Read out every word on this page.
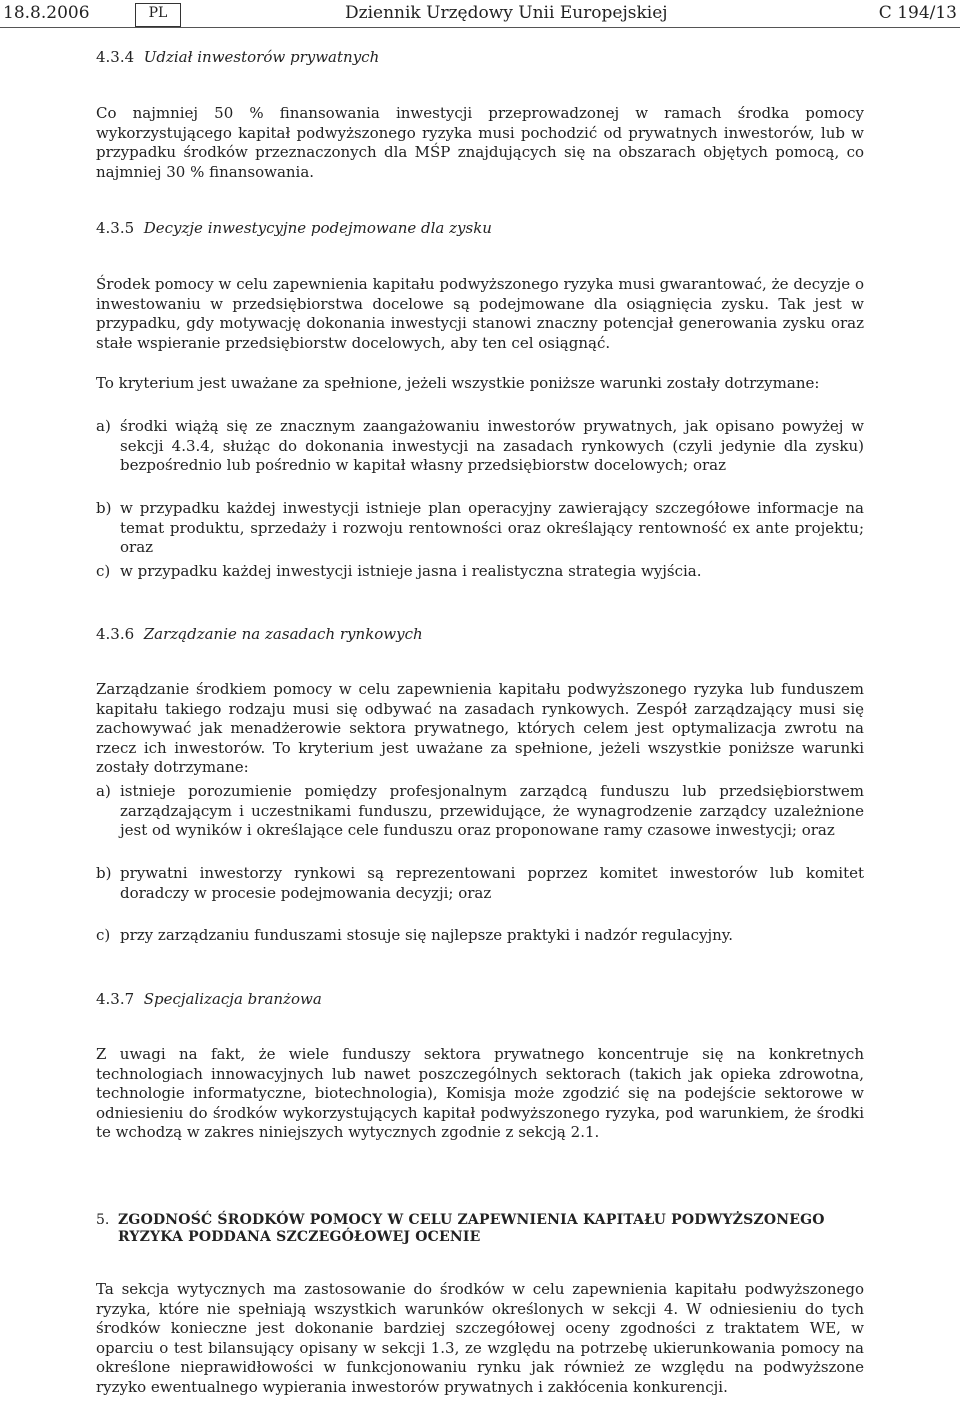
18.8.2006	PL	Dziennik Urzędowy Unii Europejskiej	C 194/13
4.3.4 Udział inwestorów prywatnych
Co najmniej 50 % finansowania inwestycji przeprowadzonej w ramach środka pomocy wykorzystującego kapitał podwyższonego ryzyka musi pochodzić od prywatnych inwestorów, lub w przypadku środków przeznaczonych dla MŚP znajdujących się na obszarach objętych pomocą, co najmniej 30 % finansowania.
4.3.5 Decyzje inwestycyjne podejmowane dla zysku
Środek pomocy w celu zapewnienia kapitału podwyższonego ryzyka musi gwarantować, że decyzje o inwestowaniu w przedsiębiorstwa docelowe są podejmowane dla osiągnięcia zysku. Tak jest w przypadku, gdy motywację dokonania inwestycji stanowi znaczny potencjał generowania zysku oraz stałe wspieranie przedsiębiorstw docelowych, aby ten cel osiągnąć.
To kryterium jest uważane za spełnione, jeżeli wszystkie poniższe warunki zostały dotrzymane:
a) środki wiążą się ze znacznym zaangażowaniu inwestorów prywatnych, jak opisano powyżej w sekcji 4.3.4, służąc do dokonania inwestycji na zasadach rynkowych (czyli jedynie dla zysku) bezpośrednio lub pośrednio w kapitał własny przedsiębiorstw docelowych; oraz
b) w przypadku każdej inwestycji istnieje plan operacyjny zawierający szczegółowe informacje na temat produktu, sprzedaży i rozwoju rentowności oraz określający rentowność ex ante projektu; oraz
c) w przypadku każdej inwestycji istnieje jasna i realistyczna strategia wyjścia.
4.3.6 Zarządzanie na zasadach rynkowych
Zarządzanie środkiem pomocy w celu zapewnienia kapitału podwyższonego ryzyka lub funduszem kapitału takiego rodzaju musi się odbywać na zasadach rynkowych. Zespół zarządzający musi się zachowywać jak menadżerowie sektora prywatnego, których celem jest optymalizacja zwrotu na rzecz ich inwestorów. To kryterium jest uważane za spełnione, jeżeli wszystkie poniższe warunki zostały dotrzymane:
a) istnieje porozumienie pomiędzy profesjonalnym zarządcą funduszu lub przedsiębiorstwem zarządzającym i uczestnikami funduszu, przewidujące, że wynagrodzenie zarządcy uzależnione jest od wyników i określające cele funduszu oraz proponowane ramy czasowe inwestycji; oraz
b) prywatni inwestorzy rynkowi są reprezentowani poprzez komitet inwestorów lub komitet doradczy w procesie podejmowania decyzji; oraz
c) przy zarządzaniu funduszami stosuje się najlepsze praktyki i nadzór regulacyjny.
4.3.7 Specjalizacja branżowa
Z uwagi na fakt, że wiele funduszy sektora prywatnego koncentruje się na konkretnych technologiach innowacyjnych lub nawet poszczególnych sektorach (takich jak opieka zdrowotna, technologie informatyczne, biotechnologia), Komisja może zgodzić się na podejście sektorowe w odniesieniu do środków wykorzystujących kapitał podwyższonego ryzyka, pod warunkiem, że środki te wchodzą w zakres niniejszych wytycznych zgodnie z sekcją 2.1.
5. ZGODNOŚĆ ŚRODKÓW POMOCY W CELU ZAPEWNIENIA KAPITAŁU PODWYŻSZONEGO RYZYKA PODDANA SZCZEGÓŁOWEJ OCENIE
Ta sekcja wytycznych ma zastosowanie do środków w celu zapewnienia kapitału podwyższonego ryzyka, które nie spełniają wszystkich warunków określonych w sekcji 4. W odniesieniu do tych środków konieczne jest dokonanie bardziej szczegółowej oceny zgodności z traktatem WE, w oparciu o test bilansujący opisany w sekcji 1.3, ze względu na potrzebę ukierunkowania pomocy na określone nieprawidłowości w funkcjonowaniu rynku jak również ze względu na podwyższone ryzyko ewentualnego wypierania inwestorów prywatnych i zakłócenia konkurencji.
